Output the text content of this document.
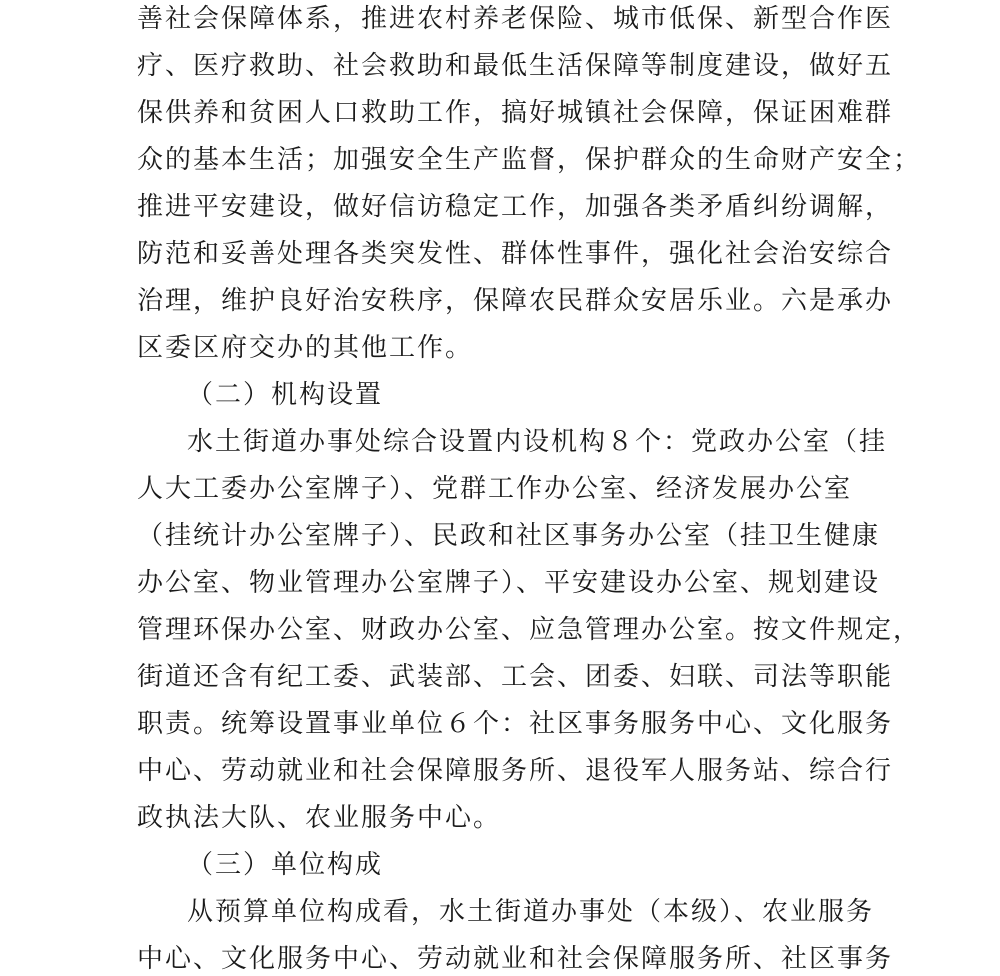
善社会保障体系，推进农村养老保险、城市低保、新型合作医
疗、医疗救助、社会救助和最低生活保障等制度建设，做好五
保供养和贫困人口救助工作，搞好城镇社会保障，保证困难群
众的基本生活；加强安全生产监督，保护群众的生命财产安全；
推进平安建设，做好信访稳定工作，加强各类矛盾纠纷调解，
防范和妥善处理各类突发性、群体性事件，强化社会治安综合
治理，维护良好治安秩序，保障农民群众安居乐业。六是承办
区委区府交办的其他工作。
（二）机构设置
水土街道办事处综合设置内设机构８个：党政办公室（挂
人大工委办公室牌子）、党群工作办公室、经济发展办公室
（挂统计办公室牌子）、民政和社区事务办公室（挂卫生健康
办公室、物业管理办公室牌子）、平安建设办公室、规划建设
管理环保办公室、财政办公室、应急管理办公室。按文件规定，
街道还含有纪工委、武装部、工会、团委、妇联、司法等职能
职责。统筹设置事业单位６个：社区事务服务中心、文化服务
中心、劳动就业和社会保障服务所、退役军人服务站、综合行
政执法大队、农业服务中心。
（三）单位构成
从预算单位构成看，水土街道办事处（本级）、农业服务
中心、文化服务中心、劳动就业和社会保障服务所、社区事务
